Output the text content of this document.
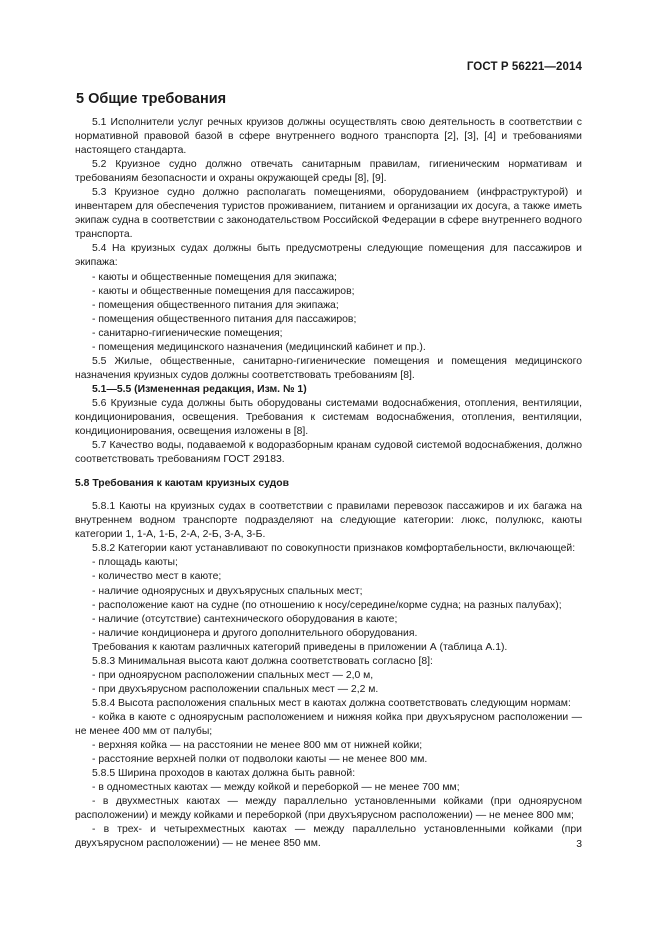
ГОСТ Р 56221—2014
5 Общие требования

5.1 Исполнители услуг речных круизов должны осуществлять свою деятельность в соответствии с нормативной правовой базой в сфере внутреннего водного транспорта [2], [3], [4] и требованиями настоящего стандарта.

5.2 Круизное судно должно отвечать санитарным правилам, гигиеническим нормативам и требованиям безопасности и охраны окружающей среды [8], [9].

5.3 Круизное судно должно располагать помещениями, оборудованием (инфраструктурой) и инвентарем для обеспечения туристов проживанием, питанием и организации их досуга, а также иметь экипаж судна в соответствии с законодательством Российской Федерации в сфере внутреннего водного транспорта.

5.4 На круизных судах должны быть предусмотрены следующие помещения для пассажиров и экипажа:

- каюты и общественные помещения для экипажа;

- каюты и общественные помещения для пассажиров;

- помещения общественного питания для экипажа;

- помещения общественного питания для пассажиров;

- санитарно-гигиенические помещения;

- помещения медицинского назначения (медицинский кабинет и пр.).

5.5 Жилые, общественные, санитарно-гигиенические помещения и помещения медицинского назначения круизных судов должны соответствовать требованиям [8].

5.1—5.5 (Измененная редакция, Изм. № 1)

5.6 Круизные суда должны быть оборудованы системами водоснабжения, отопления, вентиляции, кондиционирования, освещения. Требования к системам водоснабжения, отопления, вентиляции, кондиционирования, освещения изложены в [8].

5.7 Качество воды, подаваемой к водоразборным кранам судовой системой водоснабжения, должно соответствовать требованиям ГОСТ 29183.

5.8 Требования к каютам круизных судов

5.8.1 Каюты на круизных судах в соответствии с правилами перевозок пассажиров и их багажа на внутреннем водном транспорте подразделяют на следующие категории: люкс, полулюкс, каюты категории 1, 1-А, 1-Б, 2-А, 2-Б, 3-А, 3-Б.

5.8.2 Категории кают устанавливают по совокупности признаков комфортабельности, включающей:

- площадь каюты;

- количество мест в каюте;

- наличие одноярусных и двухъярусных спальных мест;

- расположение кают на судне (по отношению к носу/середине/корме судна; на разных палубах);

- наличие (отсутствие) сантехнического оборудования в каюте;

- наличие кондиционера и другого дополнительного оборудования.

Требования к каютам различных категорий приведены в приложении А (таблица А.1).

5.8.3 Минимальная высота кают должна соответствовать согласно [8]:

- при одноярусном расположении спальных мест — 2,0 м,

- при двухъярусном расположении спальных мест — 2,2 м.

5.8.4 Высота расположения спальных мест в каютах должна соответствовать следующим нормам:

- койка в каюте с одноярусным расположением и нижняя койка при двухъярусном расположении — не менее 400 мм от палубы;

- верхняя койка — на расстоянии не менее 800 мм от нижней койки;

- расстояние верхней полки от подволоки каюты — не менее 800 мм.

5.8.5 Ширина проходов в каютах должна быть равной:

- в одноместных каютах — между койкой и переборкой — не менее 700 мм;

- в двухместных каютах — между параллельно установленными койками (при одноярусном расположении) и между койками и переборкой (при двухъярусном расположении) — не менее 800 мм;

- в трех- и четырехместных каютах — между параллельно установленными койками (при двухъярусном расположении) — не менее 850 мм.	3
